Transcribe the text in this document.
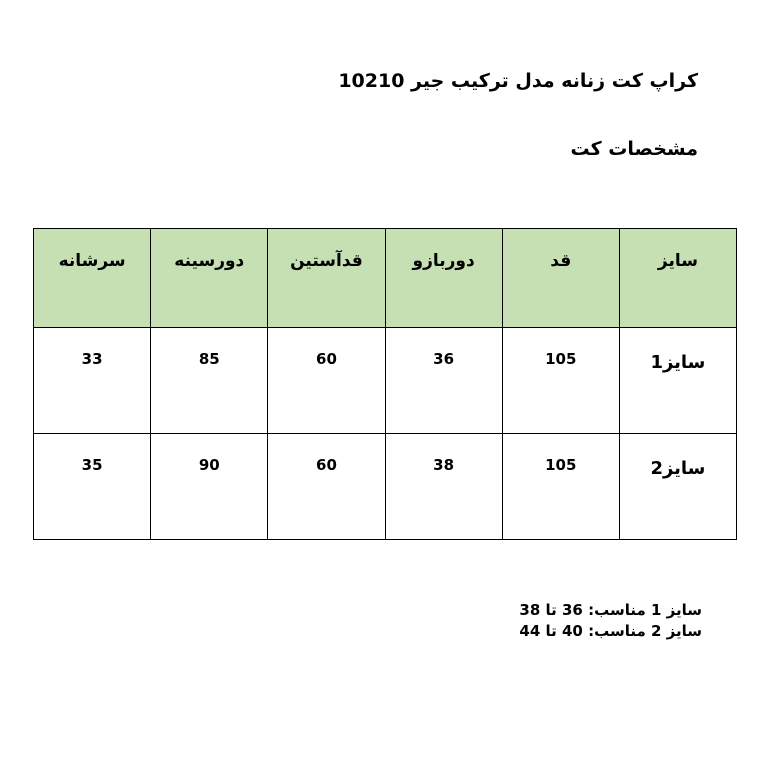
کراپ کت زنانه مدل ترکیب جیر 10210
مشخصات کت
سایز	قد	دوربازو	قدآستین	دورسینه	سرشانه
سایز1	105	36	60	85	33
سایز2	105	38	60	90	35
سایز 1 مناسب: 36 تا 38
سایز 2 مناسب: 40 تا 44
